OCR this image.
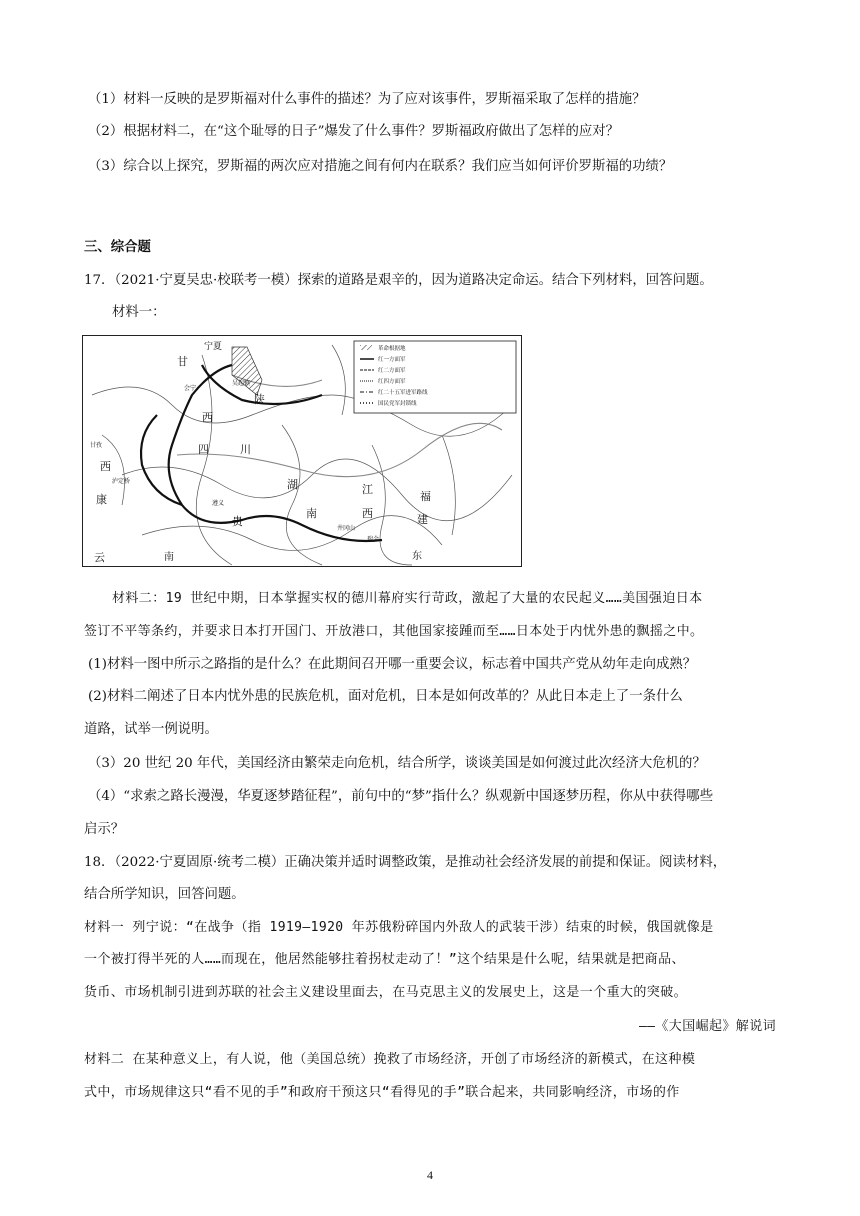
（1）材料一反映的是罗斯福对什么事件的描述？为了应对该事件，罗斯福采取了怎样的措施？
（2）根据材料二，在“这个耻辱的日子”爆发了什么事件？罗斯福政府做出了怎样的应对？
（3）综合以上探究，罗斯福的两次应对措施之间有何内在联系？我们应当如何评价罗斯福的功绩？
三、综合题
17．（2021·宁夏吴忠·校联考一模）探索的道路是艰辛的，因为道路决定命运。结合下列材料，回答问题。
材料一：
革命根据地
红一方面军
红二方面军
红四方面军
红二十五军进军路线
国民党军封锁线
宁夏
甘
陕
西
四	川
湖
南
江
西
福
建
贵
云
西
康
甘孜
瑞金
泸定桥
遵义
吴起镇
会宁
井冈山
南	东
材料二：19 世纪中期，日本掌握实权的德川幕府实行苛政，激起了大量的农民起义……美国强迫日本
签订不平等条约，并要求日本打开国门、开放港口，其他国家接踵而至……日本处于内忧外患的飘摇之中。
(1)材料一图中所示之路指的是什么？在此期间召开哪一重要会议，标志着中国共产党从幼年走向成熟？
(2)材料二阐述了日本内忧外患的民族危机，面对危机，日本是如何改革的？从此日本走上了一条什么
道路，试举一例说明。
（3）20 世纪 20 年代，美国经济由繁荣走向危机，结合所学，谈谈美国是如何渡过此次经济大危机的？
（4）“求索之路长漫漫，华夏逐梦踏征程”，前句中的“梦”指什么？纵观新中国逐梦历程，你从中获得哪些
启示？
18．（2022·宁夏固原·统考二模）正确决策并适时调整政策，是推动社会经济发展的前提和保证。阅读材料，
结合所学知识，回答问题。
材料一 列宁说：“在战争（指 1919—1920 年苏俄粉碎国内外敌人的武装干涉）结束的时候，俄国就像是
一个被打得半死的人……而现在，他居然能够拄着拐杖走动了！”这个结果是什么呢，结果就是把商品、
货币、市场机制引进到苏联的社会主义建设里面去，在马克思主义的发展史上，这是一个重大的突破。
——《大国崛起》解说词
材料二 在某种意义上，有人说，他（美国总统）挽救了市场经济，开创了市场经济的新模式，在这种模
式中，市场规律这只“看不见的手”和政府干预这只“看得见的手”联合起来，共同影响经济，市场的作
4
